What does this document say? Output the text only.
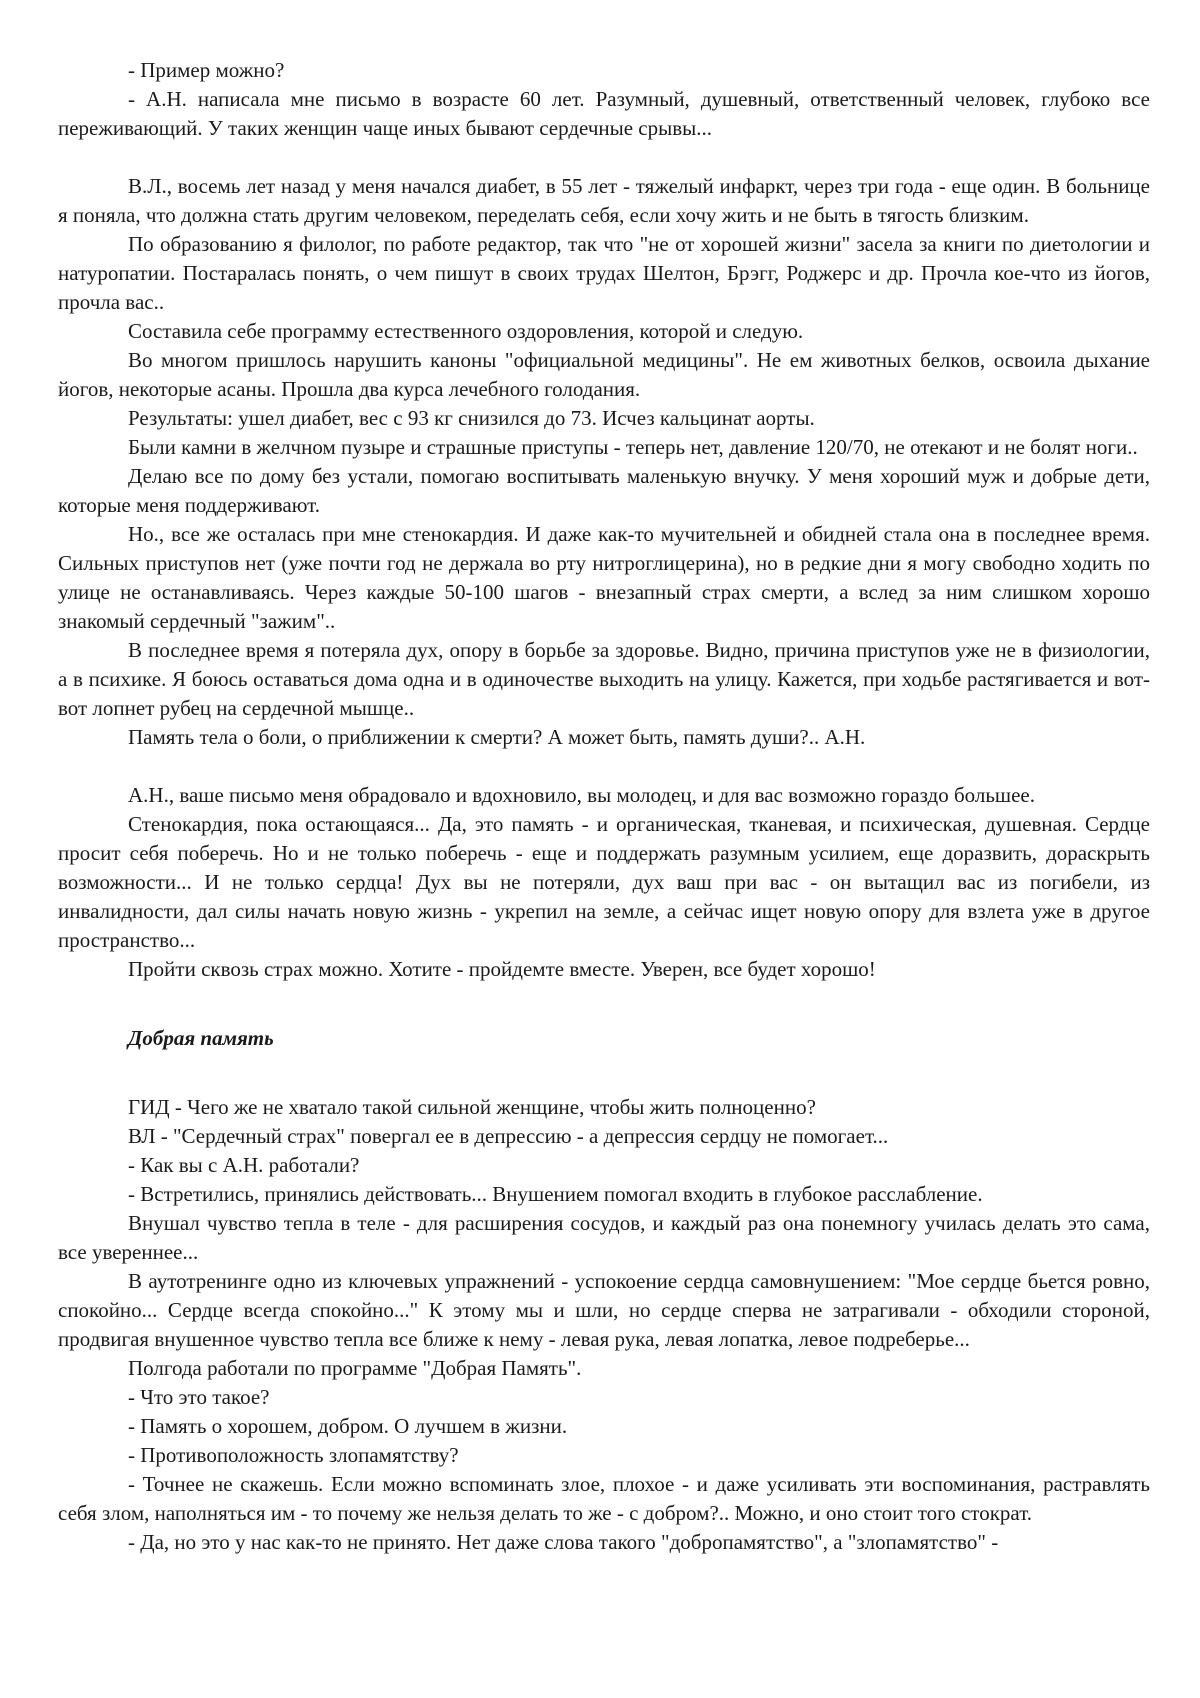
- Пример можно?

- А.Н. написала мне письмо в возрасте 60 лет. Разумный, душевный, ответственный человек, глубоко все переживающий. У таких женщин чаще иных бывают сердечные срывы...

В.Л., восемь лет назад у меня начался диабет, в 55 лет - тяжелый инфаркт, через три года - еще один. В больнице я поняла, что должна стать другим человеком, переделать себя, если хочу жить и не быть в тягость близким.

По образованию я филолог, по работе редактор, так что "не от хорошей жизни" засела за книги по диетологии и натуропатии. Постаралась понять, о чем пишут в своих трудах Шелтон, Брэгг, Роджерс и др. Прочла кое-что из йогов, прочла вас..

Составила себе программу естественного оздоровления, которой и следую.

Во многом пришлось нарушить каноны "официальной медицины". Не ем животных белков, освоила дыхание йогов, некоторые асаны. Прошла два курса лечебного голодания.

Результаты: ушел диабет, вес с 93 кг снизился до 73. Исчез кальцинат аорты.

Были камни в желчном пузыре и страшные приступы - теперь нет, давление 120/70, не отекают и не болят ноги..

Делаю все по дому без устали, помогаю воспитывать маленькую внучку. У меня хороший муж и добрые дети, которые меня поддерживают.

Но., все же осталась при мне стенокардия. И даже как-то мучительней и обидней стала она в последнее время. Сильных приступов нет (уже почти год не держала во рту нитроглицерина), но в редкие дни я могу свободно ходить по улице не останавливаясь. Через каждые 50-100 шагов - внезапный страх смерти, а вслед за ним слишком хорошо знакомый сердечный "зажим"..

В последнее время я потеряла дух, опору в борьбе за здоровье. Видно, причина приступов уже не в физиологии, а в психике. Я боюсь оставаться дома одна и в одиночестве выходить на улицу. Кажется, при ходьбе растягивается и вот-вот лопнет рубец на сердечной мышце..

Память тела о боли, о приближении к смерти? А может быть, память души?.. А.Н.

А.Н., ваше письмо меня обрадовало и вдохновило, вы молодец, и для вас возможно гораздо большее.

Стенокардия, пока остающаяся... Да, это память - и органическая, тканевая, и психическая, душевная. Сердце просит себя поберечь. Но и не только поберечь - еще и поддержать разумным усилием, еще доразвить, дораскрыть возможности... И не только сердца! Дух вы не потеряли, дух ваш при вас - он вытащил вас из погибели, из инвалидности, дал силы начать новую жизнь - укрепил на земле, а сейчас ищет новую опору для взлета уже в другое пространство...

Пройти сквозь страх можно. Хотите - пройдемте вместе. Уверен, все будет хорошо!

Добрая память

ГИД - Чего же не хватало такой сильной женщине, чтобы жить полноценно?

ВЛ - "Сердечный страх" повергал ее в депрессию - а депрессия сердцу не помогает...

- Как вы с А.Н. работали?

- Встретились, принялись действовать... Внушением помогал входить в глубокое расслабление.

Внушал чувство тепла в теле - для расширения сосудов, и каждый раз она понемногу училась делать это сама, все увереннее...

В аутотренинге одно из ключевых упражнений - успокоение сердца самовнушением: "Мое сердце бьется ровно, спокойно... Сердце всегда спокойно..." К этому мы и шли, но сердце сперва не затрагивали - обходили стороной, продвигая внушенное чувство тепла все ближе к нему - левая рука, левая лопатка, левое подреберье...

Полгода работали по программе "Добрая Память".

- Что это такое?

- Память о хорошем, добром. О лучшем в жизни.

- Противоположность злопамятству?

- Точнее не скажешь. Если можно вспоминать злое, плохое - и даже усиливать эти воспоминания, растравлять себя злом, наполняться им - то почему же нельзя делать то же - с добром?.. Можно, и оно стоит того стократ.

- Да, но это у нас как-то не принято. Нет даже слова такого "добропамятство", а "злопамятство" -
